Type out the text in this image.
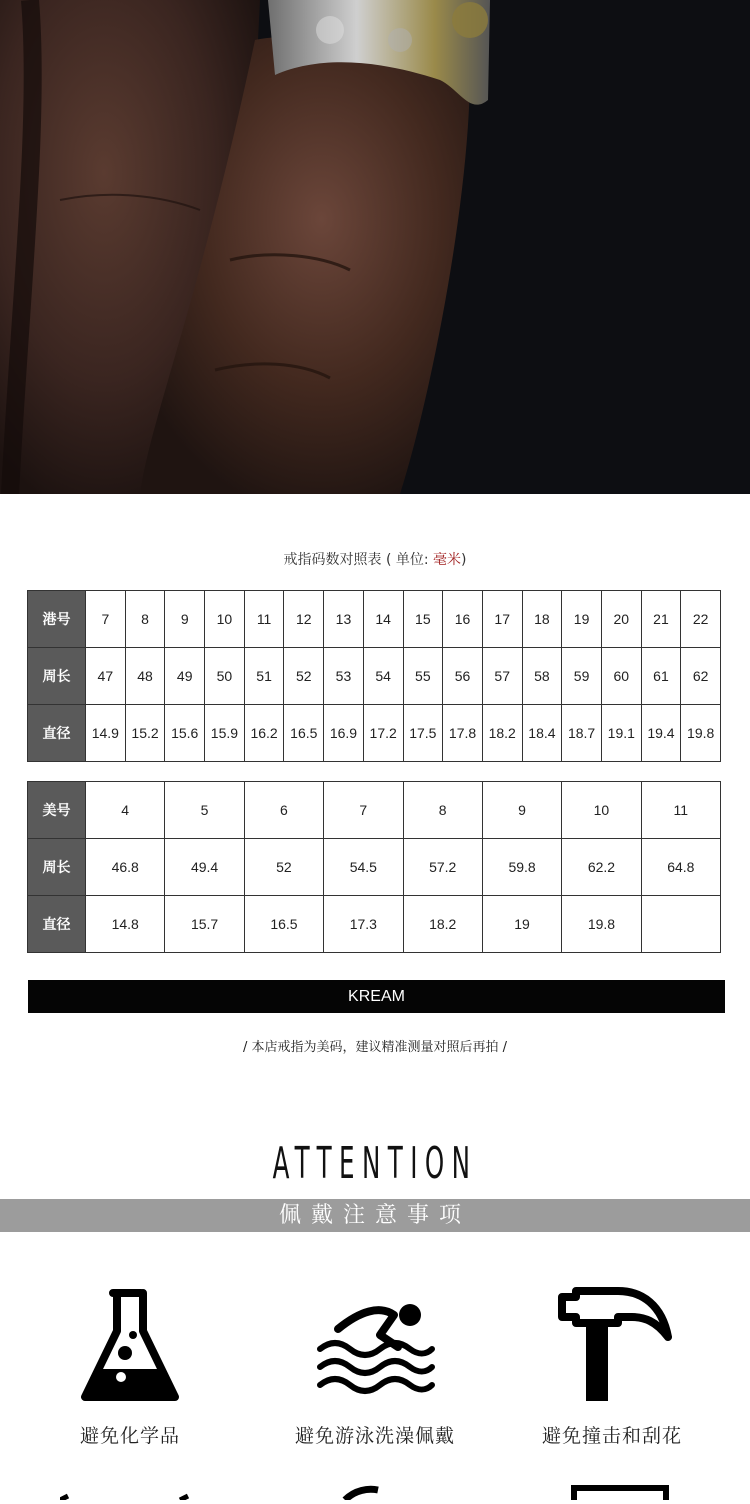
戒指码数对照表 ( 单位: 毫米)
港号	7	8	9	10	11	12	13	14	15	16	17	18	19	20	21	22
周长	47	48	49	50	51	52	53	54	55	56	57	58	59	60	61	62
直径	14.9	15.2	15.6	15.9	16.2	16.5	16.9	17.2	17.5	17.8	18.2	18.4	18.7	19.1	19.4	19.8
美号	4	5	6	7	8	9	10	11
周长	46.8	49.4	52	54.5	57.2	59.8	62.2	64.8
直径	14.8	15.7	16.5	17.3	18.2	19	19.8	
KREAM
/ 本店戒指为美码，建议精准测量对照后再拍 /
ATTENTION
佩戴注意事项
避免化学品	避免游泳洗澡佩戴	避免撞击和刮花
